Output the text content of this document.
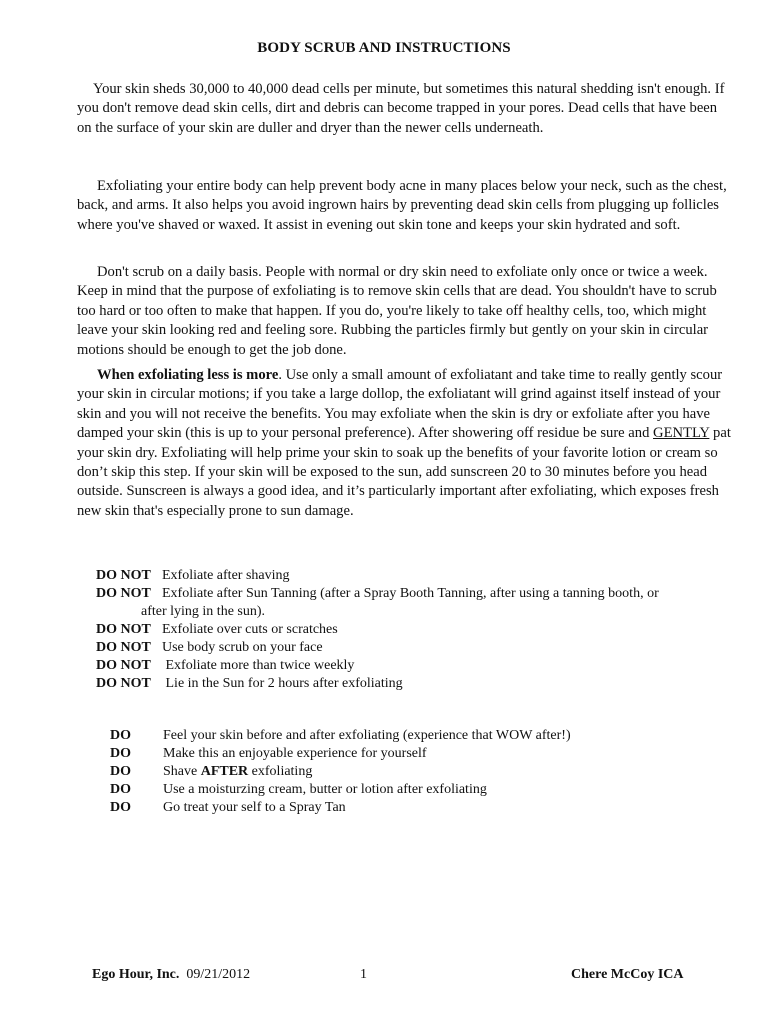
BODY SCRUB AND INSTRUCTIONS
Your skin sheds 30,000 to 40,000 dead cells per minute, but sometimes this natural shedding isn't enough. If you don't remove dead skin cells, dirt and debris can become trapped in your pores. Dead cells that have been on the surface of your skin are duller and dryer than the newer cells underneath.
Exfoliating your entire body can help prevent body acne in many places below your neck, such as the chest, back, and arms. It also helps you avoid ingrown hairs by preventing dead skin cells from plugging up follicles where you've shaved or waxed. It assist in evening out skin tone and keeps your skin hydrated and soft.
Don't scrub on a daily basis. People with normal or dry skin need to exfoliate only once or twice a week. Keep in mind that the purpose of exfoliating is to remove skin cells that are dead. You shouldn't have to scrub too hard or too often to make that happen. If you do, you're likely to take off healthy cells, too, which might leave your skin looking red and feeling sore. Rubbing the particles firmly but gently on your skin in circular motions should be enough to get the job done.
When exfoliating less is more. Use only a small amount of exfoliatant and take time to really gently scour your skin in circular motions; if you take a large dollop, the exfoliatant will grind against itself instead of your skin and you will not receive the benefits. You may exfoliate when the skin is dry or exfoliate after you have damped your skin (this is up to your personal preference). After showering off residue be sure and GENTLY pat your skin dry. Exfoliating will help prime your skin to soak up the benefits of your favorite lotion or cream so don’t skip this step. If your skin will be exposed to the sun, add sunscreen 20 to 30 minutes before you head outside. Sunscreen is always a good idea, and it’s particularly important after exfoliating, which exposes fresh new skin that's especially prone to sun damage.
DO NOT Exfoliate after shaving
DO NOT Exfoliate after Sun Tanning (after a Spray Booth Tanning, after using a tanning booth, or
after lying in the sun).
DO NOT Exfoliate over cuts or scratches
DO NOT Use body scrub on your face
DO NOT Exfoliate more than twice weekly
DO NOT Lie in the Sun for 2 hours after exfoliating
DO Feel your skin before and after exfoliating (experience that WOW after!)
DO Make this an enjoyable experience for yourself
DO Shave AFTER exfoliating
DO Use a moisturzing cream, butter or lotion after exfoliating
DO Go treat your self to a Spray Tan
Ego Hour, Inc. 09/21/2012	1	Chere McCoy ICA
